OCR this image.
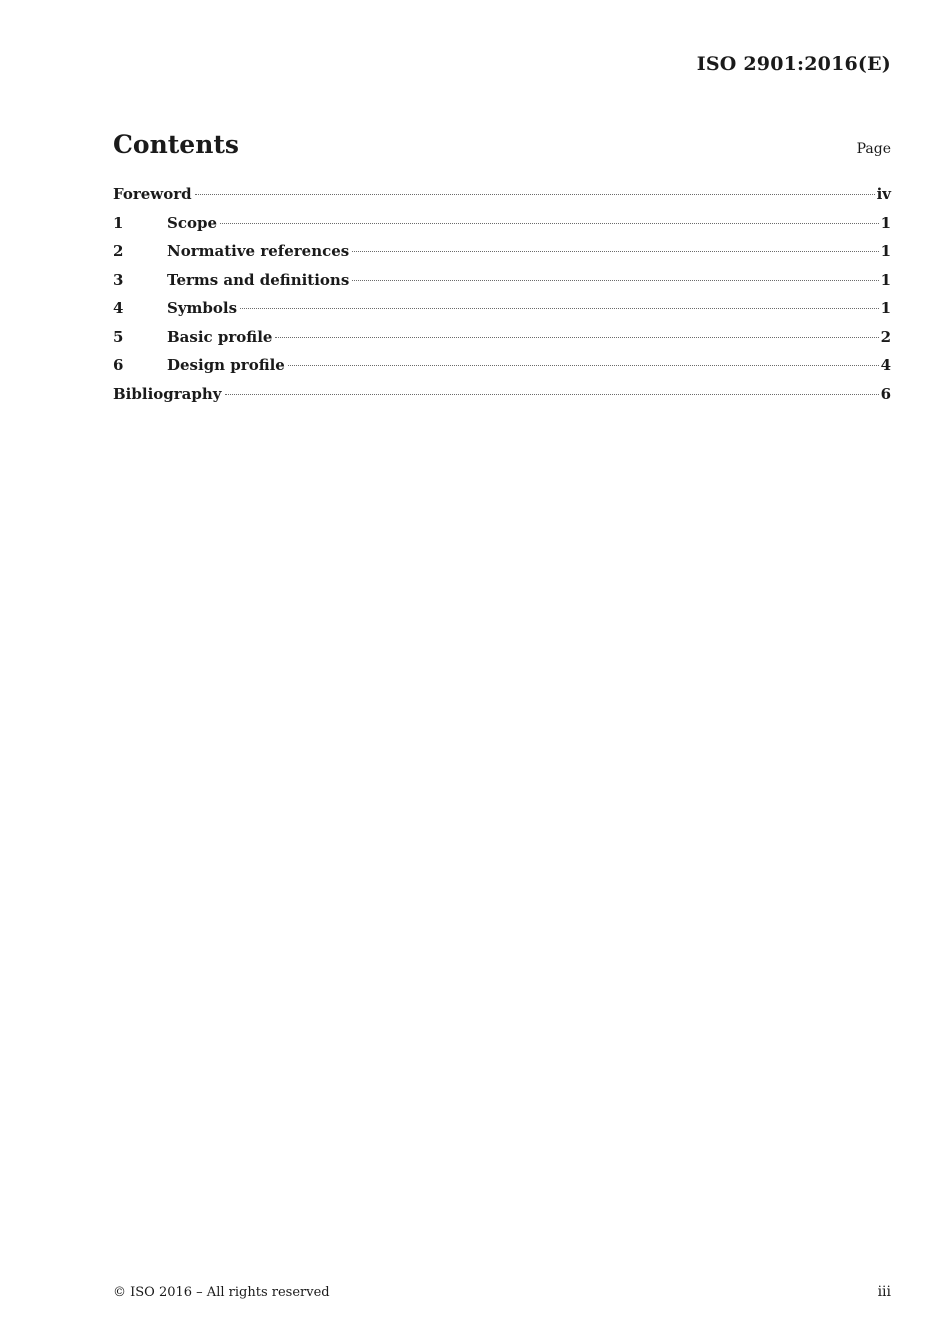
ISO 2901:2016(E)
Contents	Page
Foreword	iv
1	Scope	1
2	Normative references	1
3	Terms and definitions	1
4	Symbols	1
5	Basic profile	2
6	Design profile	4
Bibliography	6
© ISO 2016 – All rights reserved	iii
